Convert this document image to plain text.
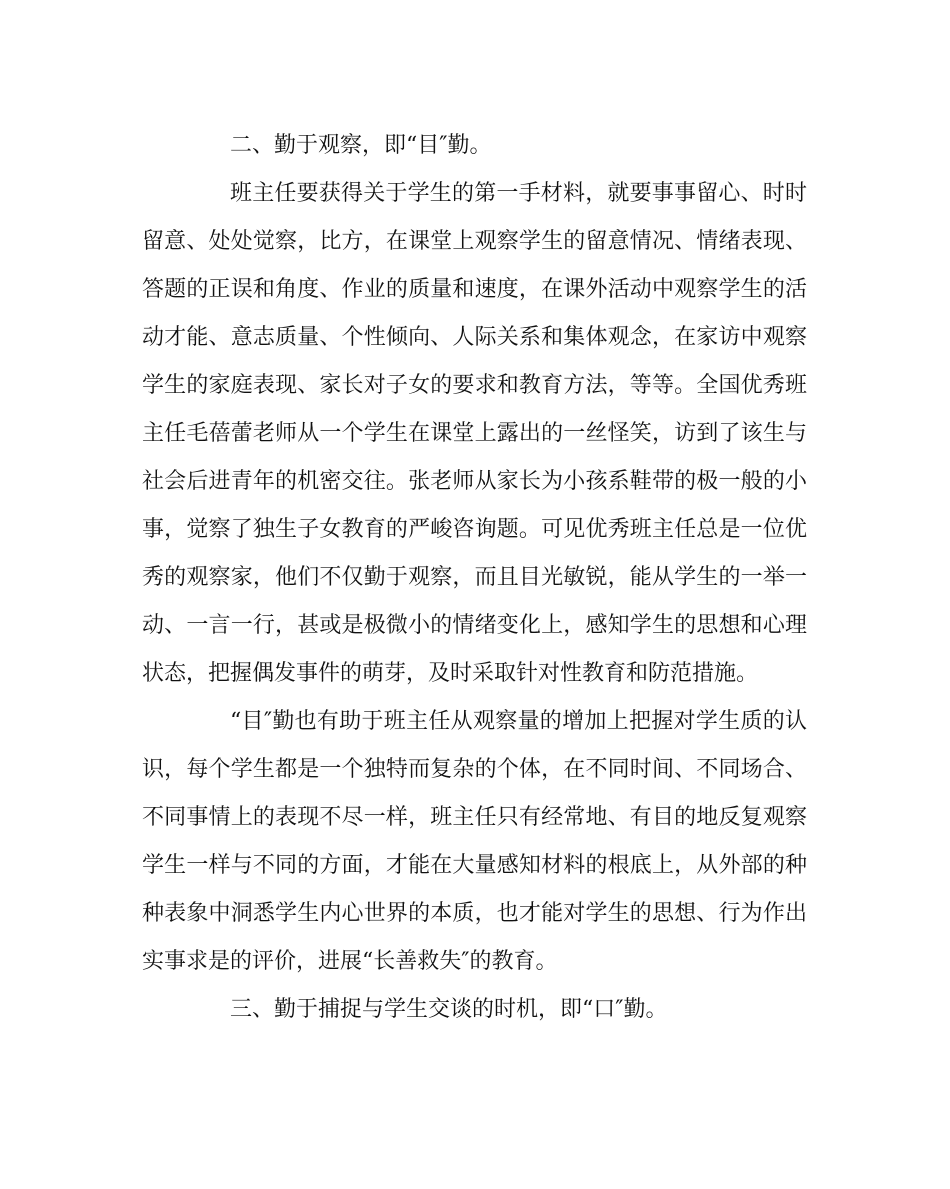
二、勤于观察，即“目″勤。

班主任要获得关于学生的第一手材料，就要事事留心、时时留意、处处觉察，比方，在课堂上观察学生的留意情况、情绪表现、答题的正误和角度、作业的质量和速度，在课外活动中观察学生的活动才能、意志质量、个性倾向、人际关系和集体观念，在家访中观察学生的家庭表现、家长对子女的要求和教育方法，等等。全国优秀班主任毛蓓蕾老师从一个学生在课堂上露出的一丝怪笑，访到了该生与社会后进青年的机密交往。张老师从家长为小孩系鞋带的极一般的小事，觉察了独生子女教育的严峻咨询题。可见优秀班主任总是一位优秀的观察家，他们不仅勤于观察，而且目光敏锐，能从学生的一举一动、一言一行，甚或是极微小的情绪变化上，感知学生的思想和心理状态，把握偶发事件的萌芽，及时采取针对性教育和防范措施。

“目″勤也有助于班主任从观察量的增加上把握对学生质的认识，每个学生都是一个独特而复杂的个体，在不同时间、不同场合、不同事情上的表现不尽一样，班主任只有经常地、有目的地反复观察学生一样与不同的方面，才能在大量感知材料的根底上，从外部的种种表象中洞悉学生内心世界的本质，也才能对学生的思想、行为作出实事求是的评价，进展“长善救失″的教育。

三、勤于捕捉与学生交谈的时机，即“口″勤。
